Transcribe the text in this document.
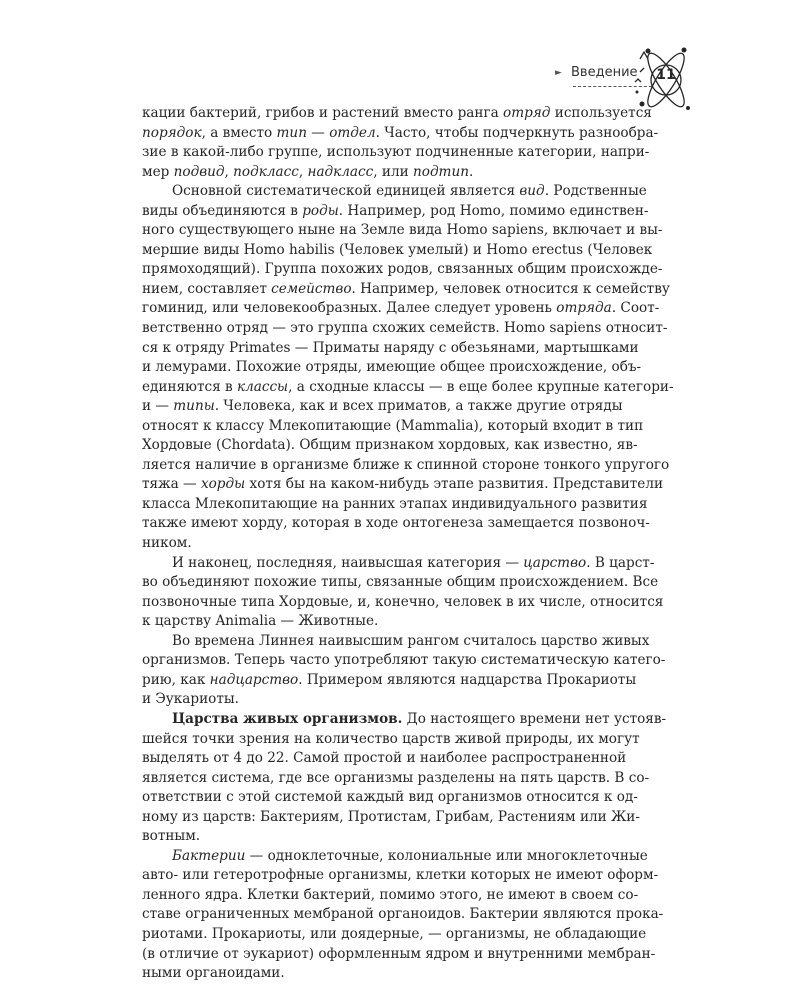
► Введение	11
кации бактерий, грибов и растений вместо ранга отряд используется
порядок, а вместо тип — отдел. Часто, чтобы подчеркнуть разнообра-
зие в какой-либо группе, используют подчиненные категории, напри-
мер подвид, подкласс, надкласс, или подтип.
Основной систематической единицей является вид. Родственные
виды объединяются в роды. Например, род Homo, помимо единствен-
ного существующего ныне на Земле вида Homo sapiens, включает и вы-
мершие виды Homo habilis (Человек умелый) и Homo erectus (Человек
прямоходящий). Группа похожих родов, связанных общим происхожде-
нием, составляет семейство. Например, человек относится к семейству
гоминид, или человекообразных. Далее следует уровень отряда. Соот-
ветственно отряд — это группа схожих семейств. Homo sapiens относит-
ся к отряду Primates — Приматы наряду с обезьянами, мартышками
и лемурами. Похожие отряды, имеющие общее происхождение, объ-
единяются в классы, а сходные классы — в еще более крупные категори-
и — типы. Человека, как и всех приматов, а также другие отряды
относят к классу Млекопитающие (Mammalia), который входит в тип
Хордовые (Chordata). Общим признаком хордовых, как известно, яв-
ляется наличие в организме ближе к спинной стороне тонкого упругого
тяжа — хорды хотя бы на каком-нибудь этапе развития. Представители
класса Млекопитающие на ранних этапах индивидуального развития
также имеют хорду, которая в ходе онтогенеза замещается позвоноч-
ником.
И наконец, последняя, наивысшая категория — царство. В царст-
во объединяют похожие типы, связанные общим происхождением. Все
позвоночные типа Хордовые, и, конечно, человек в их числе, относится
к царству Animalia — Животные.
Во времена Линнея наивысшим рангом считалось царство живых
организмов. Теперь часто употребляют такую систематическую катего-
рию, как надцарство. Примером являются надцарства Прокариоты
и Эукариоты.
Царства живых организмов. До настоящего времени нет устояв-
шейся точки зрения на количество царств живой природы, их могут
выделять от 4 до 22. Самой простой и наиболее распространенной
является система, где все организмы разделены на пять царств. В со-
ответствии с этой системой каждый вид организмов относится к од-
ному из царств: Бактериям, Протистам, Грибам, Растениям или Жи-
вотным.
Бактерии — одноклеточные, колониальные или многоклеточные
авто- или гетеротрофные организмы, клетки которых не имеют оформ-
ленного ядра. Клетки бактерий, помимо этого, не имеют в своем со-
ставе ограниченных мембраной органоидов. Бактерии являются прока-
риотами. Прокариоты, или доядерные, — организмы, не обладающие
(в отличие от эукариот) оформленным ядром и внутренними мембран-
ными органоидами.
